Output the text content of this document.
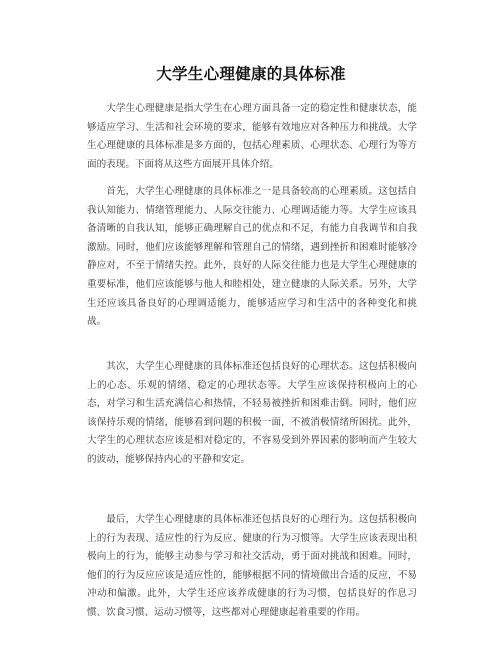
大学生心理健康的具体标准

大学生心理健康是指大学生在心理方面具备一定的稳定性和健康状态，能够适应学习、生活和社会环境的要求，能够有效地应对各种压力和挑战。大学生心理健康的具体标准是多方面的，包括心理素质、心理状态、心理行为等方面的表现。下面将从这些方面展开具体介绍。

首先，大学生心理健康的具体标准之一是具备较高的心理素质。这包括自我认知能力、情绪管理能力、人际交往能力、心理调适能力等。大学生应该具备清晰的自我认知，能够正确理解自己的优点和不足，有能力自我调节和自我激励。同时，他们应该能够理解和管理自己的情绪，遇到挫折和困难时能够冷静应对，不至于情绪失控。此外，良好的人际交往能力也是大学生心理健康的重要标准，他们应该能够与他人和睦相处，建立健康的人际关系。另外，大学生还应该具备良好的心理调适能力，能够适应学习和生活中的各种变化和挑战。

其次，大学生心理健康的具体标准还包括良好的心理状态。这包括积极向上的心态、乐观的情绪、稳定的心理状态等。大学生应该保持积极向上的心态，对学习和生活充满信心和热情，不轻易被挫折和困难击倒。同时，他们应该保持乐观的情绪，能够看到问题的积极一面，不被消极情绪所困扰。此外，大学生的心理状态应该是相对稳定的，不容易受到外界因素的影响而产生较大的波动，能够保持内心的平静和安定。

最后，大学生心理健康的具体标准还包括良好的心理行为。这包括积极向上的行为表现、适应性的行为反应、健康的行为习惯等。大学生应该表现出积极向上的行为，能够主动参与学习和社交活动，勇于面对挑战和困难。同时，他们的行为反应应该是适应性的，能够根据不同的情境做出合适的反应，不易冲动和偏激。此外，大学生还应该养成健康的行为习惯，包括良好的作息习惯、饮食习惯、运动习惯等，这些都对心理健康起着重要的作用。
